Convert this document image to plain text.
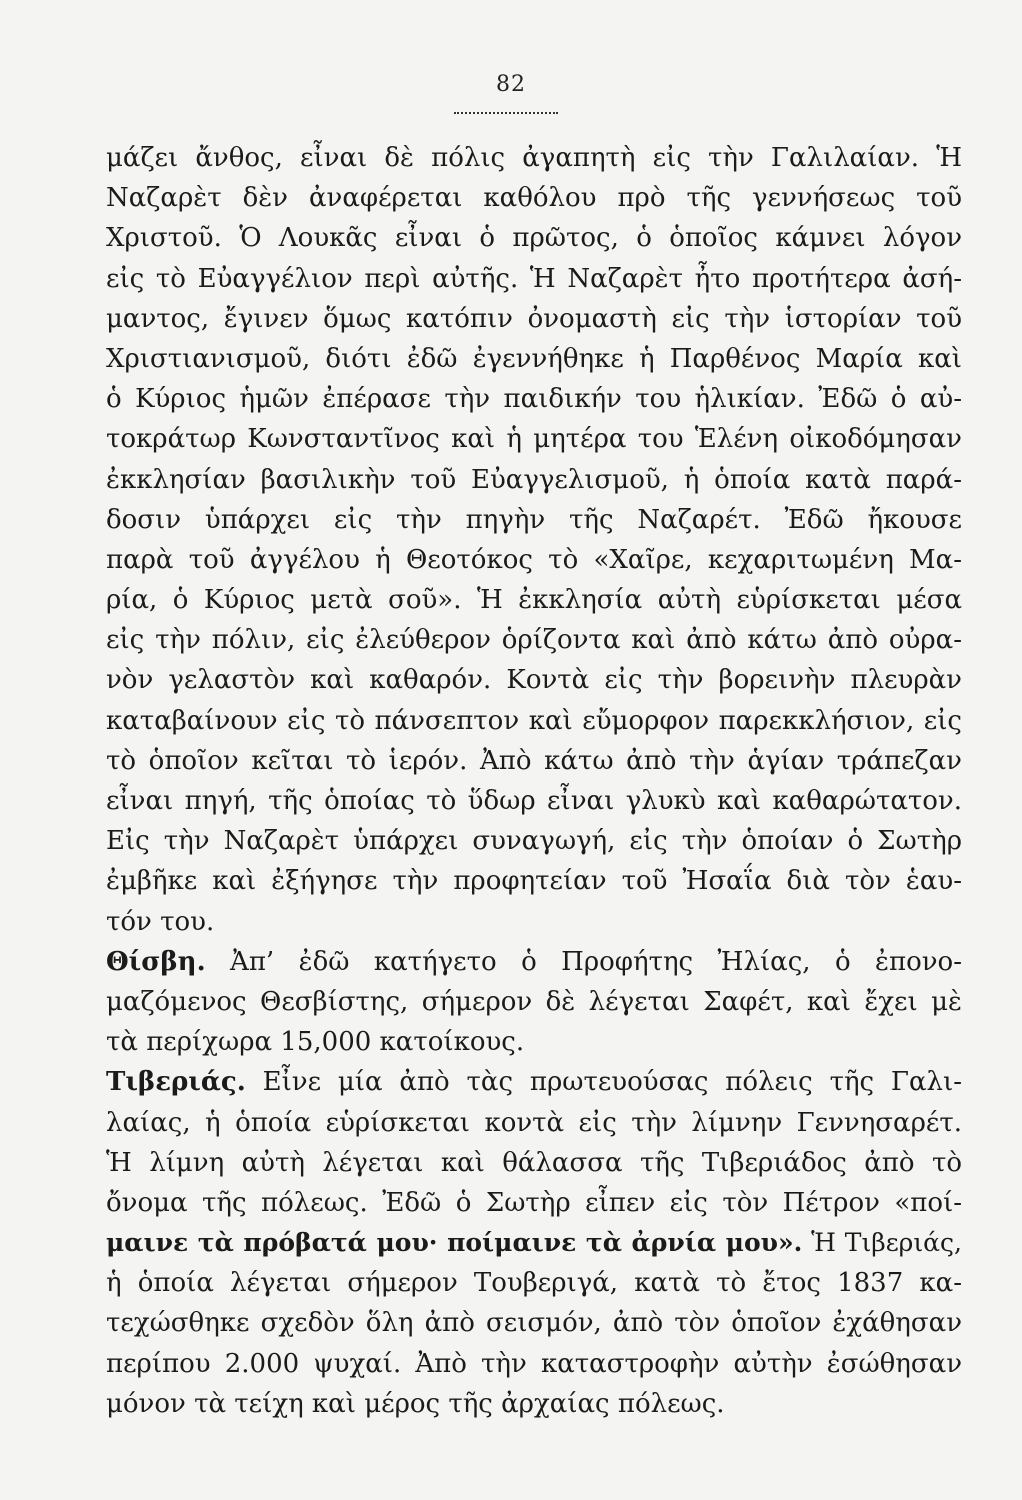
82
μάζει ἄνθος, εἶναι δὲ πόλις ἀγαπητὴ εἰς τὴν Γαλιλαίαν. Ἡ
Ναζαρὲτ δὲν ἀναφέρεται καθόλου πρὸ τῆς γεννήσεως τοῦ
Χριστοῦ. Ὁ Λουκᾶς εἶναι ὁ πρῶτος, ὁ ὁποῖος κάμνει λόγον
εἰς τὸ Εὐαγγέλιον περὶ αὐτῆς. Ἡ Ναζαρὲτ ἦτο προτήτερα ἀσή-
μαντος, ἔγινεν ὅμως κατόπιν ὀνομαστὴ εἰς τὴν ἱστορίαν τοῦ
Χριστιανισμοῦ, διότι ἐδῶ ἐγεννήθηκε ἡ Παρθένος Μαρία καὶ
ὁ Κύριος ἡμῶν ἐπέρασε τὴν παιδικήν του ἡλικίαν. Ἐδῶ ὁ αὐ-
τοκράτωρ Κωνσταντῖνος καὶ ἡ μητέρα του Ἑλένη οἰκοδόμησαν
ἐκκλησίαν βασιλικὴν τοῦ Εὐαγγελισμοῦ, ἡ ὁποία κατὰ παρά-
δοσιν ὑπάρχει εἰς τὴν πηγὴν τῆς Ναζαρέτ. Ἐδῶ ἤκουσε
παρὰ τοῦ ἀγγέλου ἡ Θεοτόκος τὸ «Χαῖρε, κεχαριτωμένη Μα-
ρία, ὁ Κύριος μετὰ σοῦ». Ἡ ἐκκλησία αὐτὴ εὑρίσκεται μέσα
εἰς τὴν πόλιν, εἰς ἐλεύθερον ὁρίζοντα καὶ ἀπὸ κάτω ἀπὸ οὐρα-
νὸν γελαστὸν καὶ καθαρόν. Κοντὰ εἰς τὴν βορεινὴν πλευρὰν
καταβαίνουν εἰς τὸ πάνσεπτον καὶ εὔμορφον παρεκκλήσιον, εἰς
τὸ ὁποῖον κεῖται τὸ ἱερόν. Ἀπὸ κάτω ἀπὸ τὴν ἁγίαν τράπεζαν
εἶναι πηγή, τῆς ὁποίας τὸ ὕδωρ εἶναι γλυκὺ καὶ καθαρώτατον.
Εἰς τὴν Ναζαρὲτ ὑπάρχει συναγωγή, εἰς τὴν ὁποίαν ὁ Σωτὴρ
ἐμβῆκε καὶ ἐξήγησε τὴν προφητείαν τοῦ Ἠσαΐα διὰ τὸν ἑαυ-
τόν του.
Θίσβη. Ἀπ’ ἐδῶ κατήγετο ὁ Προφήτης Ἠλίας, ὁ ἐπονο-
μαζόμενος Θεσβίστης, σήμερον δὲ λέγεται Σαφέτ, καὶ ἔχει μὲ
τὰ περίχωρα 15,000 κατοίκους.
Τιβεριάς. Εἶνε μία ἀπὸ τὰς πρωτευούσας πόλεις τῆς Γαλι-
λαίας, ἡ ὁποία εὑρίσκεται κοντὰ εἰς τὴν λίμνην Γεννησαρέτ.
Ἡ λίμνη αὐτὴ λέγεται καὶ θάλασσα τῆς Τιβεριάδος ἀπὸ τὸ
ὄνομα τῆς πόλεως. Ἐδῶ ὁ Σωτὴρ εἶπεν εἰς τὸν Πέτρον «ποί-
μαινε τὰ πρόβατά μου· ποίμαινε τὰ ἀρνία μου». Ἡ Τιβεριάς,
ἡ ὁποία λέγεται σήμερον Τουβεριγά, κατὰ τὸ ἔτος 1837 κα-
τεχώσθηκε σχεδὸν ὅλη ἀπὸ σεισμόν, ἀπὸ τὸν ὁποῖον ἐχάθησαν
περίπου 2.000 ψυχαί. Ἀπὸ τὴν καταστροφὴν αὐτὴν ἐσώθησαν
μόνον τὰ τείχη καὶ μέρος τῆς ἀρχαίας πόλεως.
